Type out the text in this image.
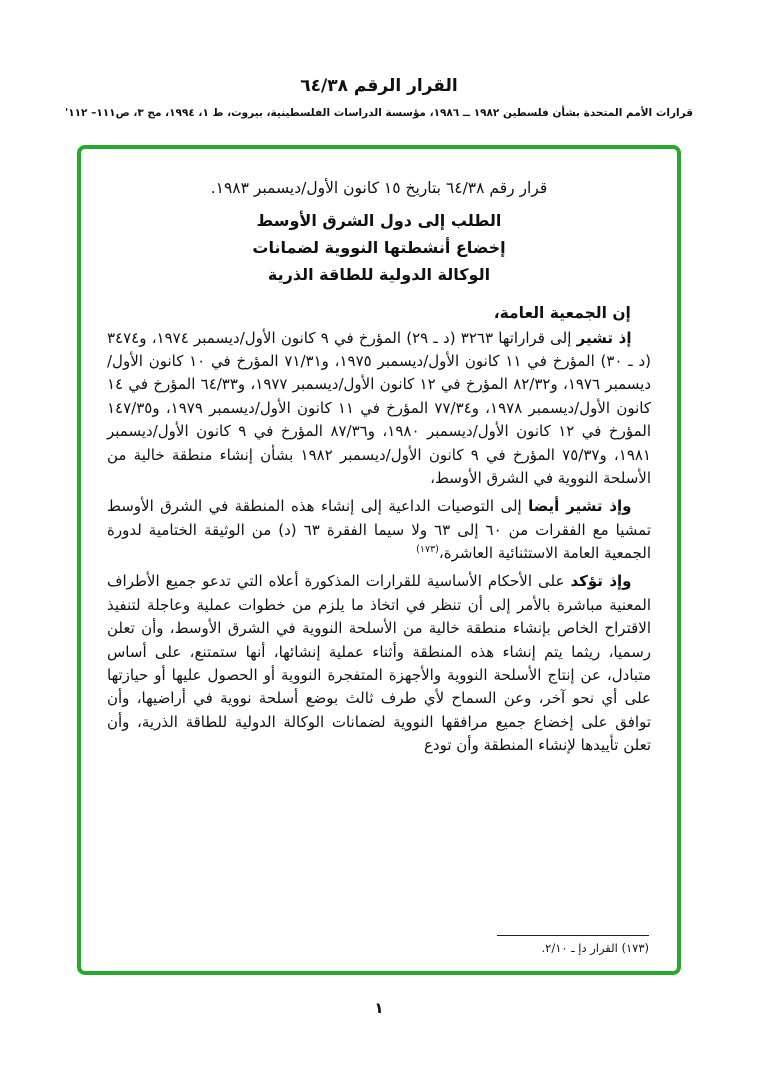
القرار الرقم ٦٤/٣٨
قرارات الأمم المتحدة بشأن فلسطين ١٩٨٢ ــ ١٩٨٦، مؤسسة الدراسات الفلسطينية، بيروت، ط ١، ١٩٩٤، مج ٣، ص١١١– ١١٢'
قرار رقم ٦٤/٣٨ بتاريخ ١٥ كانون الأول/ديسمبر ١٩٨٣.
الطلب إلى دول الشرق الأوسط
إخضاع أنشطتها النووية لضمانات
الوكالة الدولية للطاقة الذرية
إن الجمعية العامة،

إذ تشير إلى قراراتها ٣٢٦٣ (د ـ ٢٩) المؤرخ في ٩ كانون الأول/ديسمبر ١٩٧٤، و٣٤٧٤ (د ـ ٣٠) المؤرخ في ١١ كانون الأول/ديسمبر ١٩٧٥، و٧١/٣١ المؤرخ في ١٠ كانون الأول/ديسمبر ١٩٧٦، و٨٢/٣٢ المؤرخ في ١٢ كانون الأول/ديسمبر ١٩٧٧، و٦٤/٣٣ المؤرخ في ١٤ كانون الأول/ديسمبر ١٩٧٨، و٧٧/٣٤ المؤرخ في ١١ كانون الأول/ديسمبر ١٩٧٩، و١٤٧/٣٥ المؤرخ في ١٢ كانون الأول/ديسمبر ١٩٨٠، و٨٧/٣٦ المؤرخ في ٩ كانون الأول/ديسمبر ١٩٨١، و٧٥/٣٧ المؤرخ في ٩ كانون الأول/ديسمبر ١٩٨٢ بشأن إنشاء منطقة خالية من الأسلحة النووية في الشرق الأوسط،

وإذ تشير أيضا إلى التوصيات الداعية إلى إنشاء هذه المنطقة في الشرق الأوسط تمشيا مع الفقرات من ٦٠ إلى ٦٣ ولا سيما الفقرة ٦٣ (د) من الوثيقة الختامية لدورة الجمعية العامة الاستثنائية العاشرة،$^{(١٧٣)}$

وإذ تؤكد على الأحكام الأساسية للقرارات المذكورة أعلاه التي تدعو جميع الأطراف المعنية مباشرة بالأمر إلى أن تنظر في اتخاذ ما يلزم من خطوات عملية وعاجلة لتنفيذ الاقتراح الخاص بإنشاء منطقة خالية من الأسلحة النووية في الشرق الأوسط، وأن تعلن رسميا، ريثما يتم إنشاء هذه المنطقة وأثناء عملية إنشائها، أنها ستمتنع، على أساس متبادل، عن إنتاج الأسلحة النووية والأجهزة المتفجرة النووية أو الحصول عليها أو حيازتها على أي نحو آخر، وعن السماح لأي طرف ثالث بوضع أسلحة نووية في أراضيها، وأن توافق على إخضاع جميع مرافقها النووية لضمانات الوكالة الدولية للطاقة الذرية، وأن تعلن تأييدها لإنشاء المنطقة وأن تودع

(١٧٣) القرار دإ ـ ٢/١٠.
١
